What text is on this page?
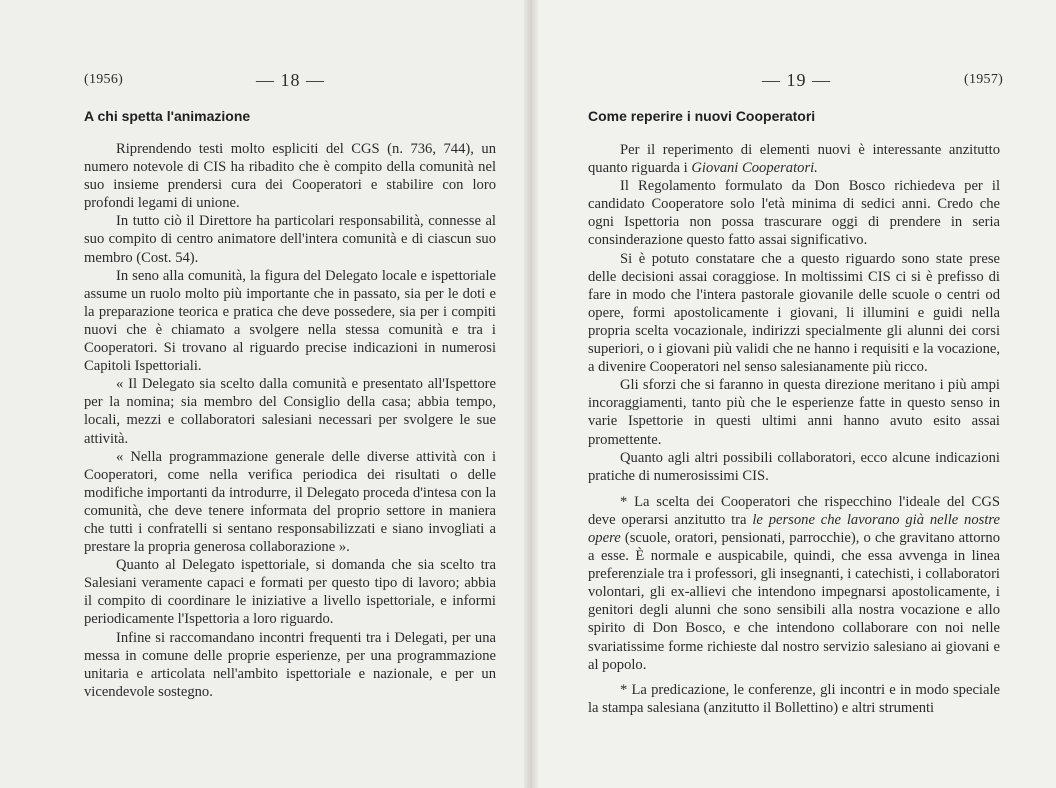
(1956)	— 18 —
A chi spetta l'animazione

Riprendendo testi molto espliciti del CGS (n. 736, 744), un numero notevole di CIS ha ribadito che è compito della comunità nel suo insieme prendersi cura dei Cooperatori e stabilire con loro profondi legami di unione.

In tutto ciò il Direttore ha particolari responsabilità, connesse al suo compito di centro animatore dell'intera comunità e di ciascun suo membro (Cost. 54).

In seno alla comunità, la figura del Delegato locale e ispettoriale assume un ruolo molto più importante che in passato, sia per le doti e la preparazione teorica e pratica che deve possedere, sia per i compiti nuovi che è chiamato a svolgere nella stessa comunità e tra i Cooperatori. Si trovano al riguardo precise indicazioni in numerosi Capitoli Ispettoriali.

« Il Delegato sia scelto dalla comunità e presentato all'Ispettore per la nomina; sia membro del Consiglio della casa; abbia tempo, locali, mezzi e collaboratori salesiani necessari per svolgere le sue attività.

« Nella programmazione generale delle diverse attività con i Cooperatori, come nella verifica periodica dei risultati o delle modifiche importanti da introdurre, il Delegato proceda d'intesa con la comunità, che deve tenere informata del proprio settore in maniera che tutti i confratelli si sentano responsabilizzati e siano invogliati a prestare la propria generosa collaborazione ».

Quanto al Delegato ispettoriale, si domanda che sia scelto tra Salesiani veramente capaci e formati per questo tipo di lavoro; abbia il compito di coordinare le iniziative a livello ispettoriale, e informi periodicamente l'Ispettoria a loro riguardo.

Infine si raccomandano incontri frequenti tra i Delegati, per una messa in comune delle proprie esperienze, per una programmazione unitaria e articolata nell'ambito ispettoriale e nazionale, e per un vicendevole sostegno.

— 19 —	(1957)
Come reperire i nuovi Cooperatori

Per il reperimento di elementi nuovi è interessante anzitutto quanto riguarda i Giovani Cooperatori.

Il Regolamento formulato da Don Bosco richiedeva per il candidato Cooperatore solo l'età minima di sedici anni. Credo che ogni Ispettoria non possa trascurare oggi di prendere in seria consinderazione questo fatto assai significativo.

Si è potuto constatare che a questo riguardo sono state prese delle decisioni assai coraggiose. In moltissimi CIS ci si è prefisso di fare in modo che l'intera pastorale giovanile delle scuole o centri od opere, formi apostolicamente i giovani, li illumini e guidi nella propria scelta vocazionale, indirizzi specialmente gli alunni dei corsi superiori, o i giovani più validi che ne hanno i requisiti e la vocazione, a divenire Cooperatori nel senso salesianamente più ricco.

Gli sforzi che si faranno in questa direzione meritano i più ampi incoraggiamenti, tanto più che le esperienze fatte in questo senso in varie Ispettorie in questi ultimi anni hanno avuto esito assai promettente.

Quanto agli altri possibili collaboratori, ecco alcune indicazioni pratiche di numerosissimi CIS.

* La scelta dei Cooperatori che rispecchino l'ideale del CGS deve operarsi anzitutto tra le persone che lavorano già nelle nostre opere (scuole, oratori, pensionati, parrocchie), o che gravitano attorno a esse. È normale e auspicabile, quindi, che essa avvenga in linea preferenziale tra i professori, gli insegnanti, i catechisti, i collaboratori volontari, gli ex-allievi che intendono impegnarsi apostolicamente, i genitori degli alunni che sono sensibili alla nostra vocazione e allo spirito di Don Bosco, e che intendono collaborare con noi nelle svariatissime forme richieste dal nostro servizio salesiano ai giovani e al popolo.

* La predicazione, le conferenze, gli incontri e in modo speciale la stampa salesiana (anzitutto il Bollettino) e altri strumenti
